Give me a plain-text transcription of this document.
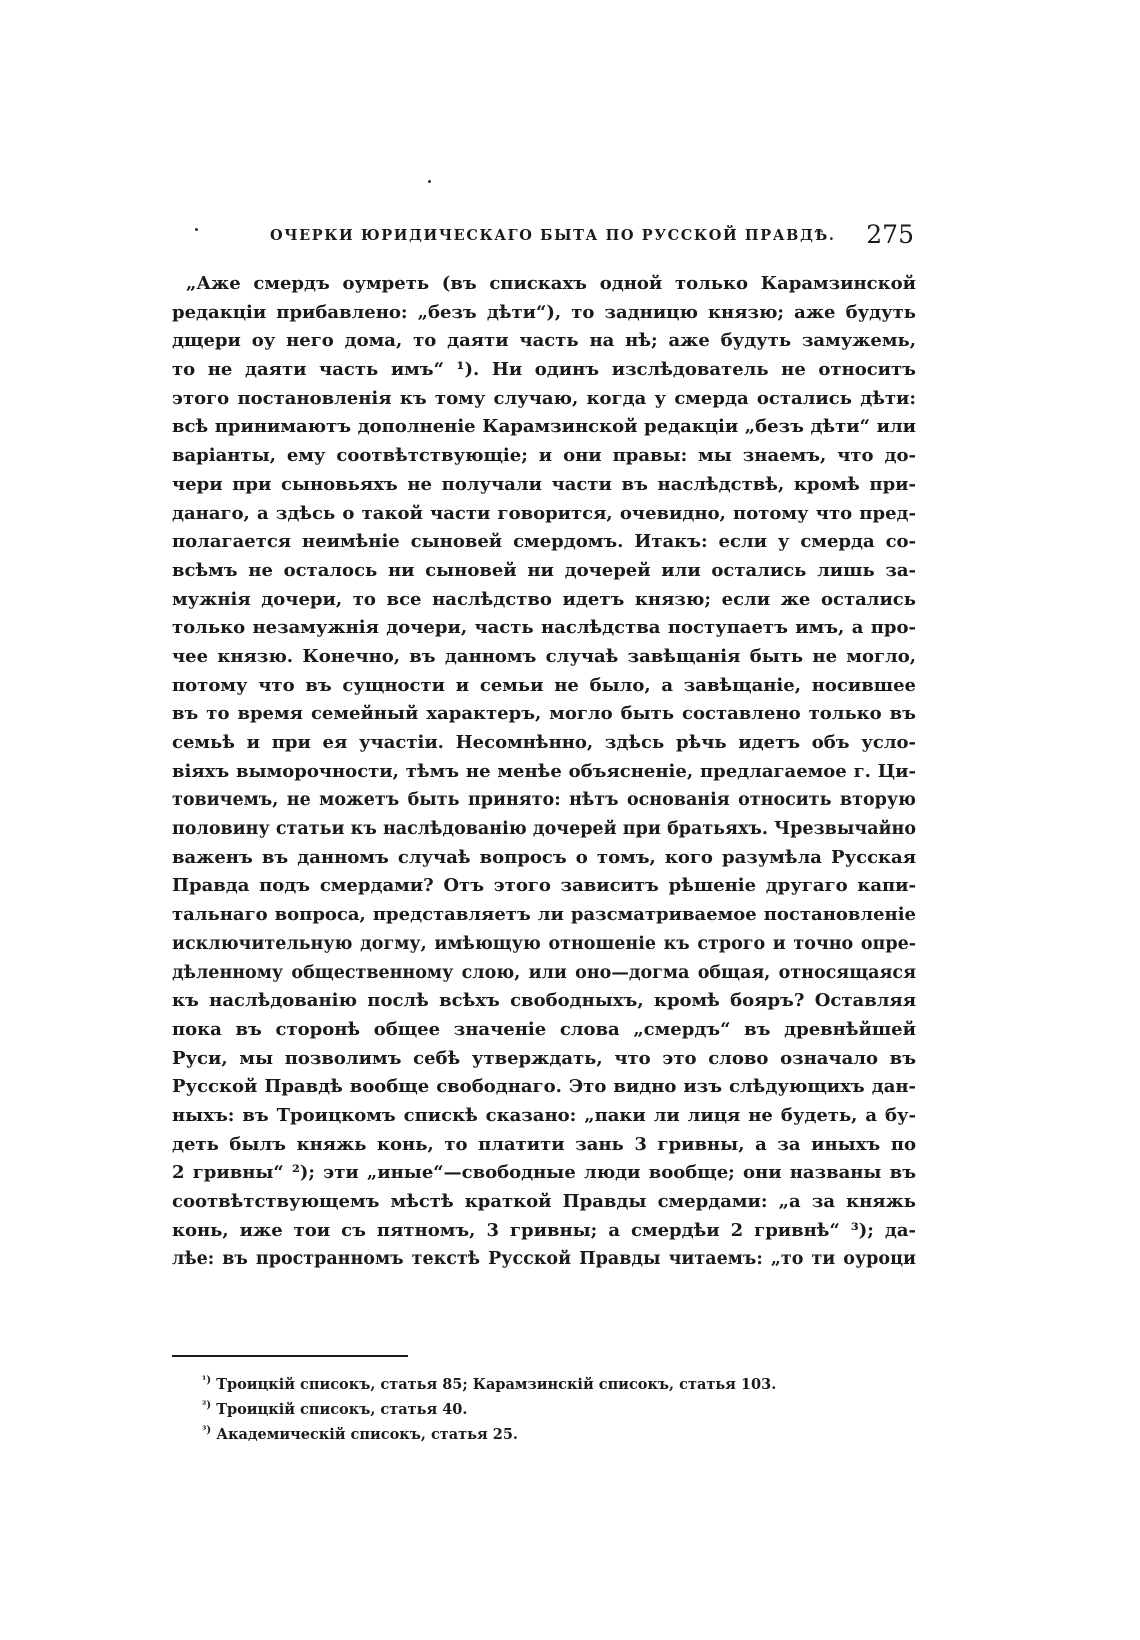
ОЧЕРКИ ЮРИДИЧЕСКАГО БЫТА ПО РУССКОЙ ПРАВДѢ. 275
„Аже смердъ оумреть (въ спискахъ одной только Карамзинской
редакціи прибавлено: „безъ дѣти“), то задницю князю; аже будуть
дщери оу него дома, то даяти часть на нѣ; аже будуть замужемь,
то не даяти часть имъ“ ¹). Ни одинъ изслѣдователь не относитъ
этого постановленія къ тому случаю, когда у смерда остались дѣти:
всѣ принимаютъ дополненіе Карамзинской редакціи „безъ дѣти“ или
варіанты, ему соотвѣтствующіе; и они правы: мы знаемъ, что до-
чери при сыновьяхъ не получали части въ наслѣдствѣ, кромѣ при-
данаго, а здѣсь о такой части говорится, очевидно, потому что пред-
полагается неимѣніе сыновей смердомъ. Итакъ: если у смерда со-
всѣмъ не осталось ни сыновей ни дочерей или остались лишь за-
мужнія дочери, то все наслѣдство идетъ князю; если же остались
только незамужнія дочери, часть наслѣдства поступаетъ имъ, а про-
чее князю. Конечно, въ данномъ случаѣ завѣщанія быть не могло,
потому что въ сущности и семьи не было, а завѣщаніе, носившее
въ то время семейный характеръ, могло быть составлено только въ
семьѣ и при ея участіи. Несомнѣнно, здѣсь рѣчь идетъ объ усло-
віяхъ выморочности, тѣмъ не менѣе объясненіе, предлагаемое г. Ци-
товичемъ, не можетъ быть принято: нѣтъ основанія относить вторую
половину статьи къ наслѣдованію дочерей при братьяхъ. Чрезвычайно
важенъ въ данномъ случаѣ вопросъ о томъ, кого разумѣла Русская
Правда подъ смердами? Отъ этого зависитъ рѣшеніе другаго капи-
тальнаго вопроса, представляетъ ли разсматриваемое постановленіе
исключительную догму, имѣющую отношеніе къ строго и точно опре-
дѣленному общественному слою, или оно—догма общая, относящаяся
къ наслѣдованію послѣ всѣхъ свободныхъ, кромѣ бояръ? Оставляя
пока въ сторонѣ общее значеніе слова „смердъ“ въ древнѣйшей
Руси, мы позволимъ себѣ утверждать, что это слово означало въ
Русской Правдѣ вообще свободнаго. Это видно изъ слѣдующихъ дан-
ныхъ: въ Троицкомъ спискѣ сказано: „паки ли лиця не будеть, а бу-
деть былъ княжь конь, то платити зань 3 гривны, а за иныхъ по
2 гривны“ ²); эти „иные“—свободные люди вообще; они названы въ
соотвѣтствующемъ мѣстѣ краткой Правды смердами: „а за княжь
конь, иже тои съ пятномъ, 3 гривны; а смердѣи 2 гривнѣ“ ³); да-
лѣе: въ пространномъ текстѣ Русской Правды читаемъ: „то ти оуроци
$^{^1)}$ Троицкій списокъ, статья 85; Карамзинскій списокъ, статья 103.
$^{^2)}$ Троицкій списокъ, статья 40.
$^{^3)}$ Академическій списокъ, статья 25.
